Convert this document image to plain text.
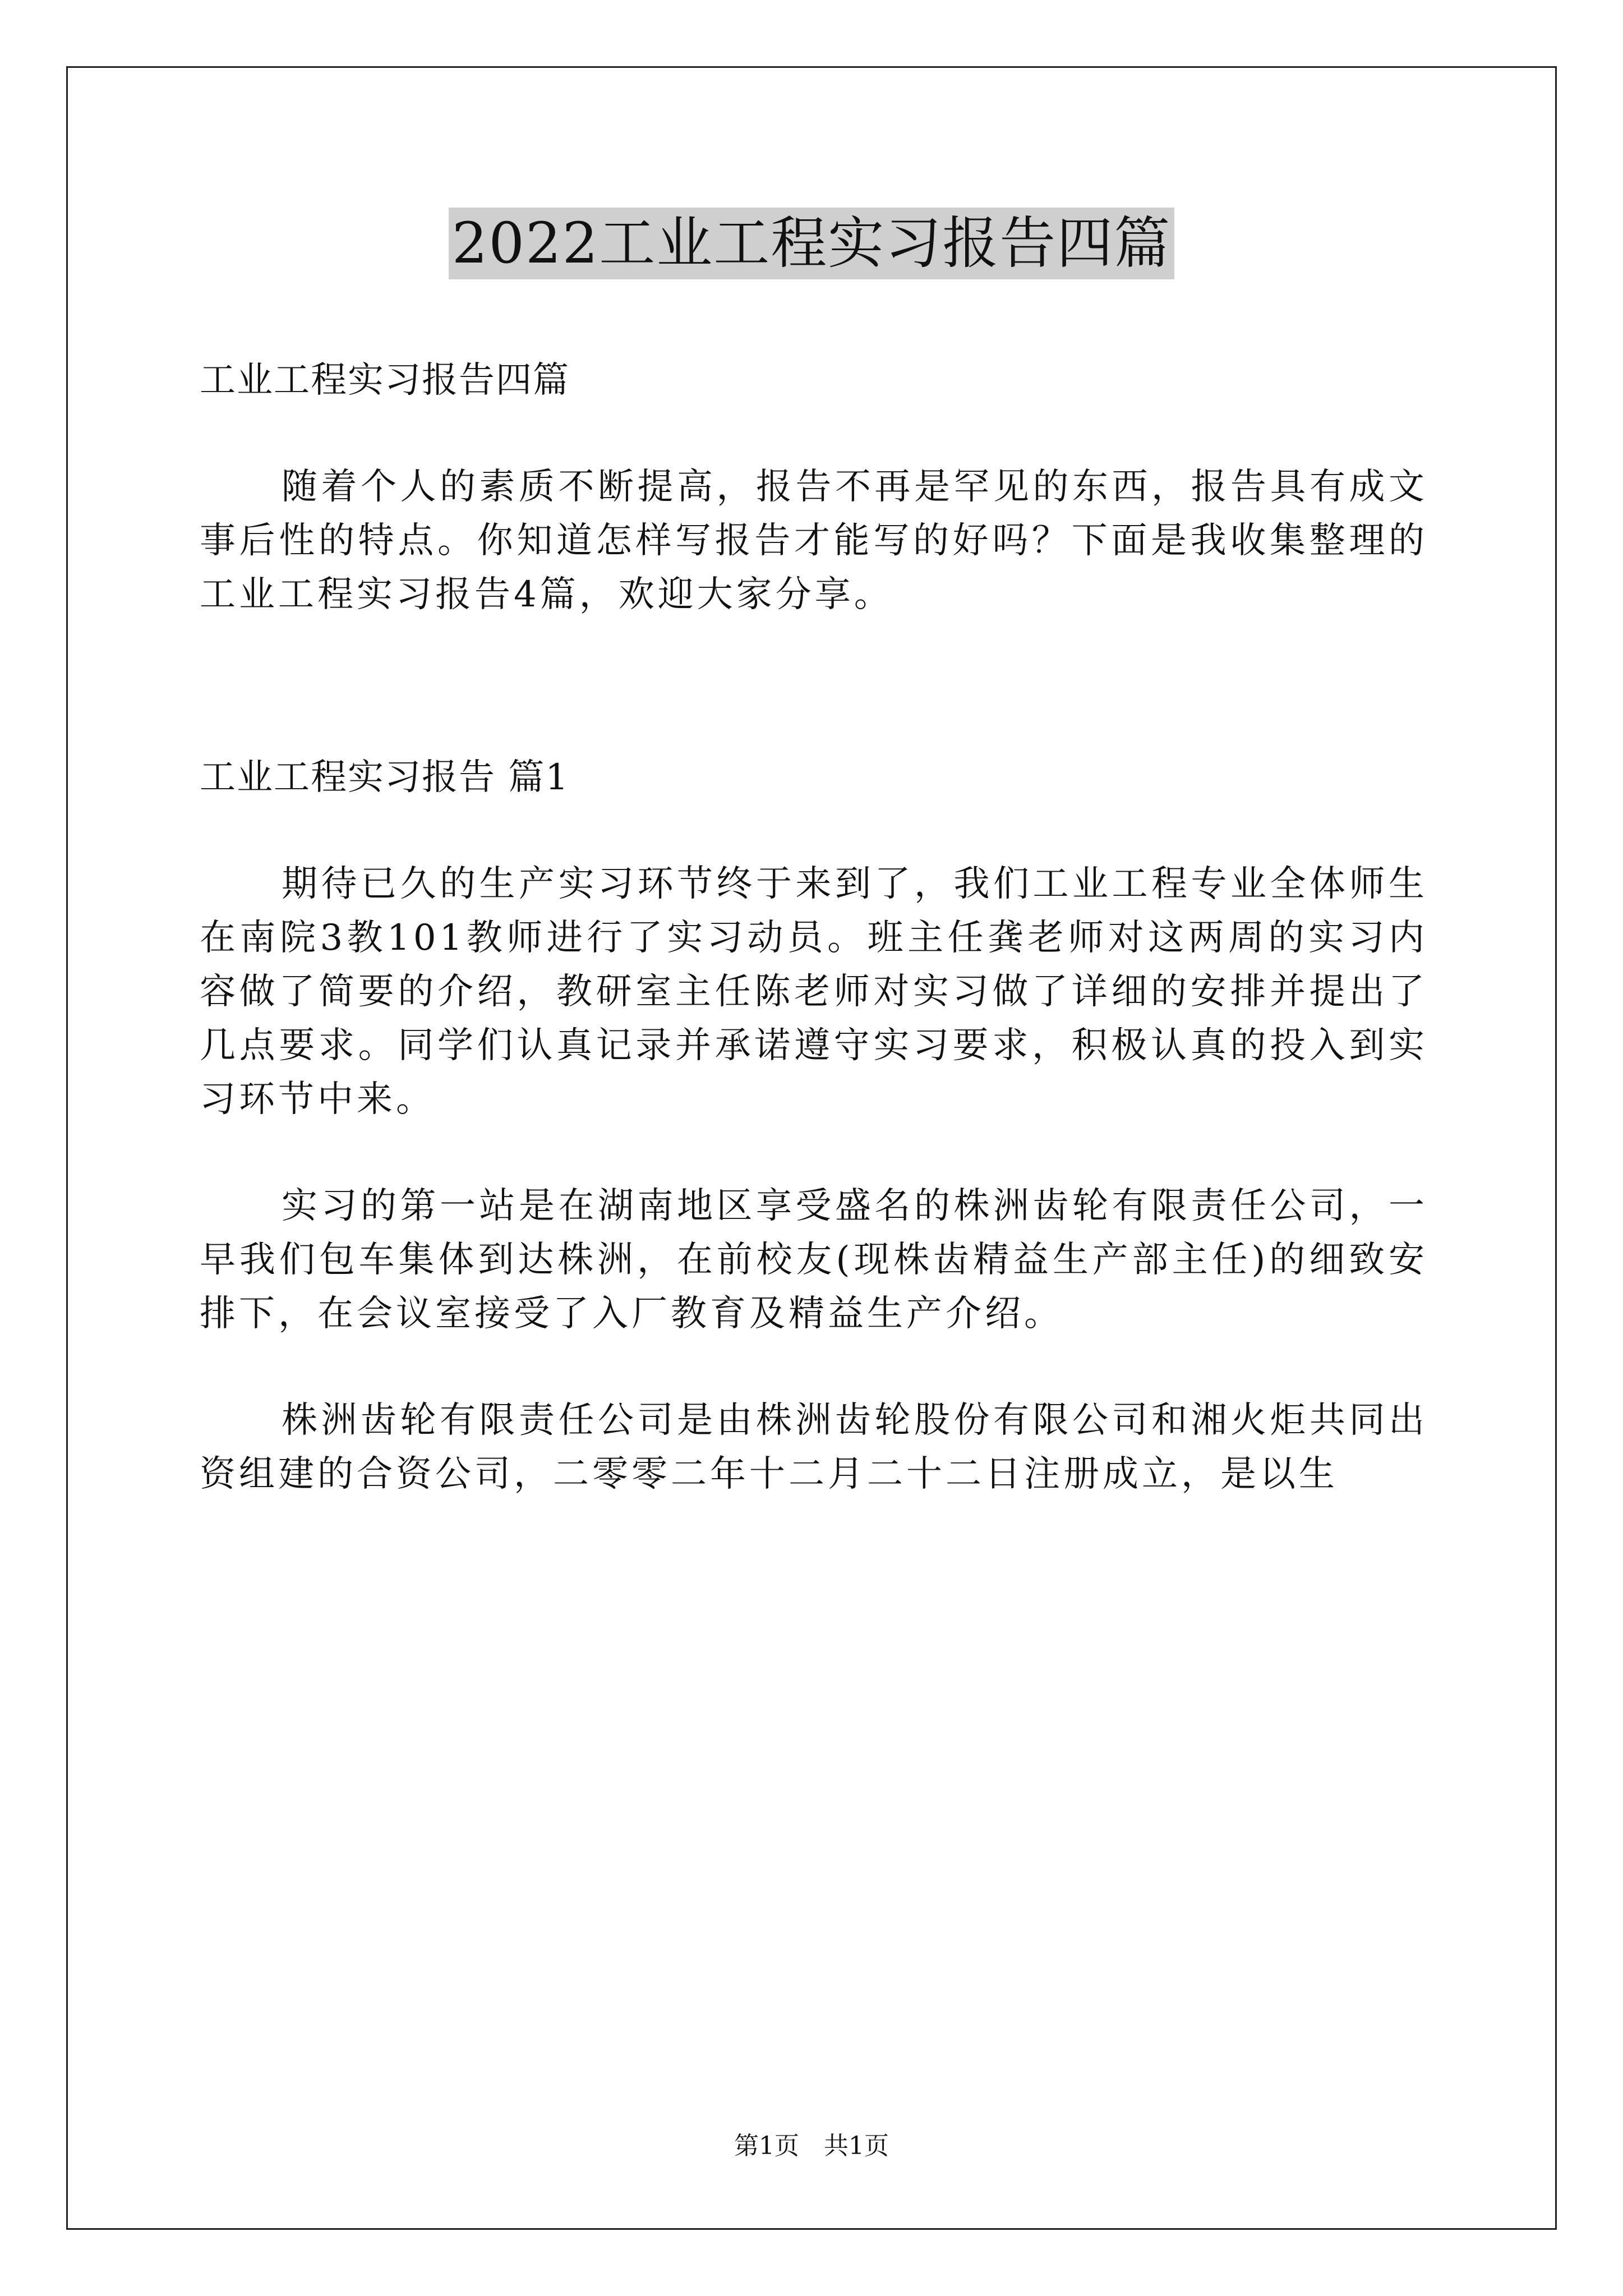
2022工业工程实习报告四篇
工业工程实习报告四篇

随着个人的素质不断提高，报告不再是罕见的东西，报告具有成文事后性的特点。你知道怎样写报告才能写的好吗？下面是我收集整理的工业工程实习报告4篇，欢迎大家分享。

工业工程实习报告 篇1

期待已久的生产实习环节终于来到了，我们工业工程专业全体师生在南院3教101教师进行了实习动员。班主任龚老师对这两周的实习内容做了简要的介绍，教研室主任陈老师对实习做了详细的安排并提出了几点要求。同学们认真记录并承诺遵守实习要求，积极认真的投入到实习环节中来。

实习的第一站是在湖南地区享受盛名的株洲齿轮有限责任公司，一早我们包车集体到达株洲，在前校友(现株齿精益生产部主任)的细致安排下，在会议室接受了入厂教育及精益生产介绍。

株洲齿轮有限责任公司是由株洲齿轮股份有限公司和湘火炬共同出资组建的合资公司，二零零二年十二月二十二日注册成立，是以生

第1页　共1页
